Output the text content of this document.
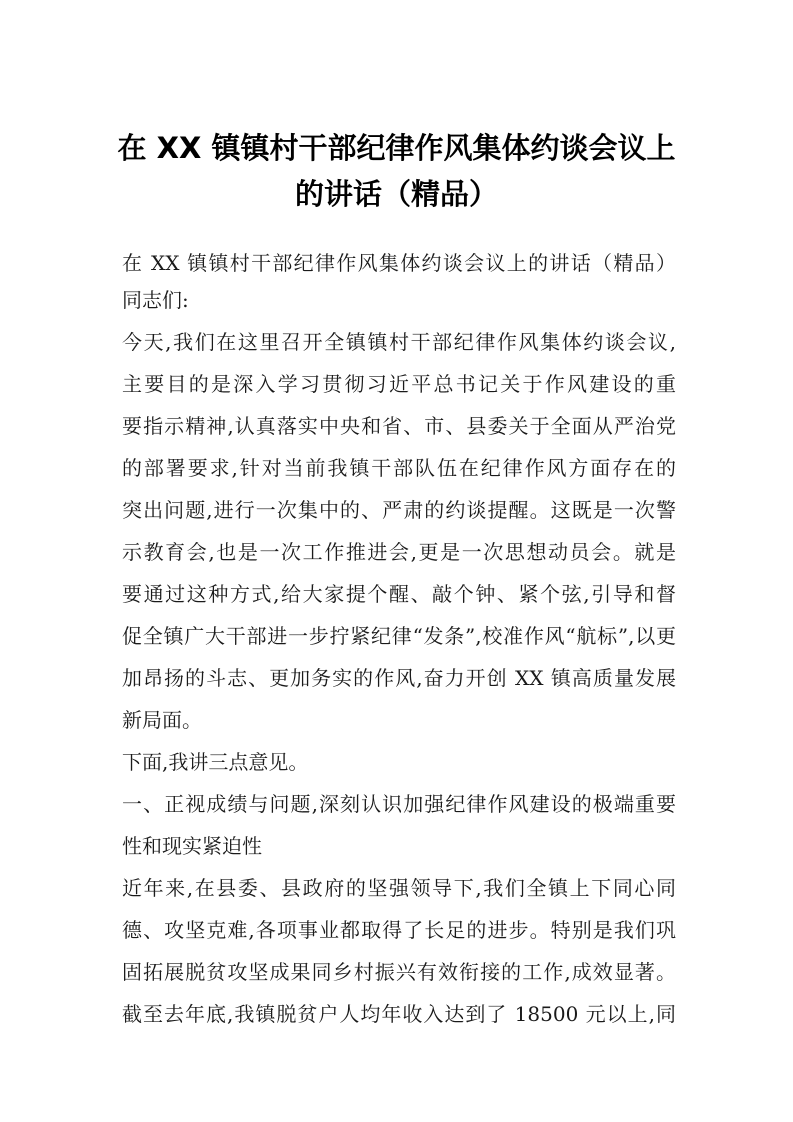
在 XX 镇镇村干部纪律作风集体约谈会议上
的讲话（精品）
在 XX 镇镇村干部纪律作风集体约谈会议上的讲话（精品）
同志们:
今天,我们在这里召开全镇镇村干部纪律作风集体约谈会议,
主要目的是深入学习贯彻习近平总书记关于作风建设的重
要指示精神,认真落实中央和省、市、县委关于全面从严治党
的部署要求,针对当前我镇干部队伍在纪律作风方面存在的
突出问题,进行一次集中的、严肃的约谈提醒。这既是一次警
示教育会,也是一次工作推进会,更是一次思想动员会。就是
要通过这种方式,给大家提个醒、敲个钟、紧个弦,引导和督
促全镇广大干部进一步拧紧纪律“发条”,校准作风“航标”,以更
加昂扬的斗志、更加务实的作风,奋力开创 XX 镇高质量发展
新局面。
下面,我讲三点意见。
一、正视成绩与问题,深刻认识加强纪律作风建设的极端重要
性和现实紧迫性
近年来,在县委、县政府的坚强领导下,我们全镇上下同心同
德、攻坚克难,各项事业都取得了长足的进步。特别是我们巩
固拓展脱贫攻坚成果同乡村振兴有效衔接的工作,成效显著。
截至去年底,我镇脱贫户人均年收入达到了 18500 元以上,同
